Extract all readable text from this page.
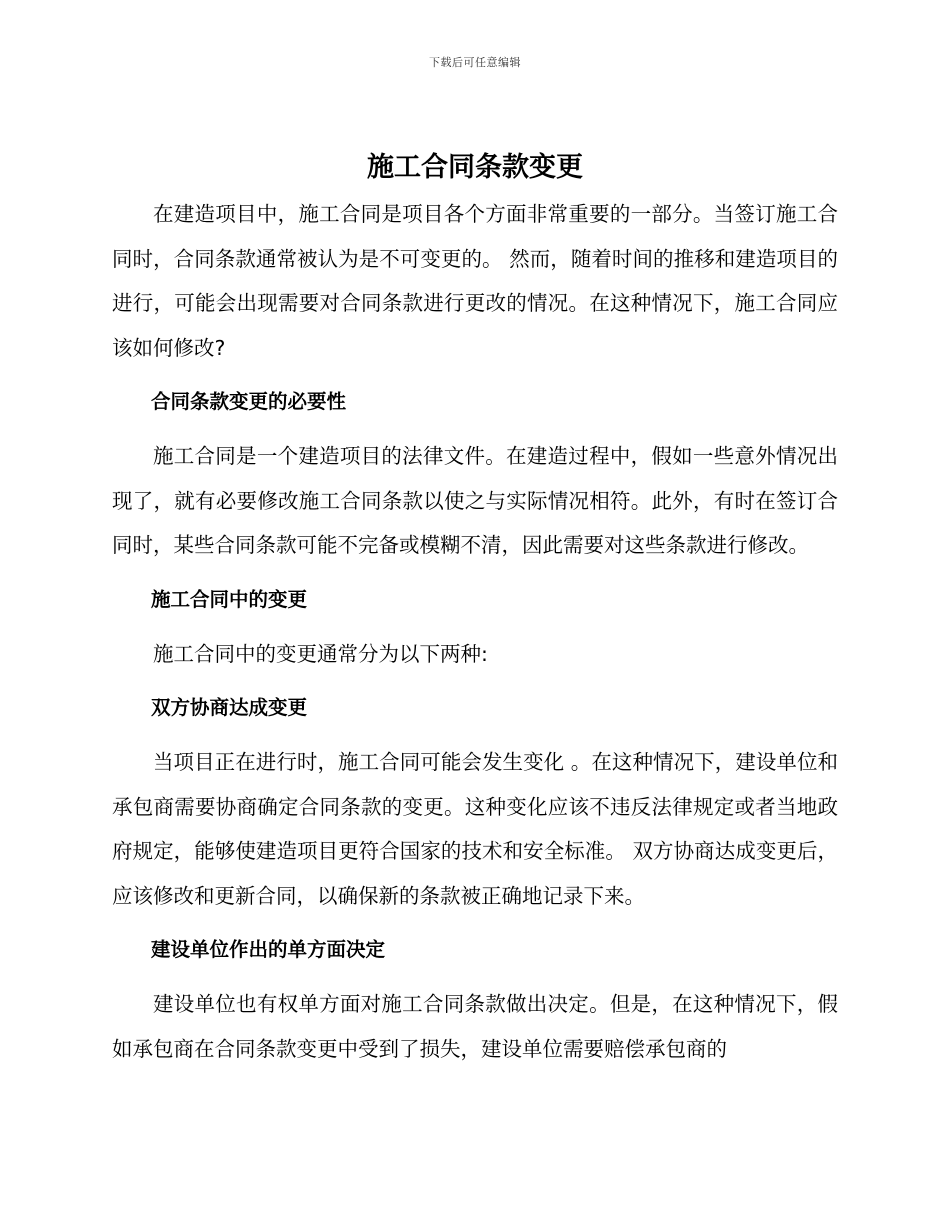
下载后可任意编辑
施工合同条款变更

在建造项目中，施工合同是项目各个方面非常重要的一部分。当签订施工合同时，合同条款通常被认为是不可变更的。 然而，随着时间的推移和建造项目的进行，可能会出现需要对合同条款进行更改的情况。在这种情况下，施工合同应该如何修改?

合同条款变更的必要性

施工合同是一个建造项目的法律文件。在建造过程中，假如一些意外情况出现了，就有必要修改施工合同条款以使之与实际情况相符。此外，有时在签订合同时，某些合同条款可能不完备或模糊不清，因此需要对这些条款进行修改。

施工合同中的变更

施工合同中的变更通常分为以下两种:

双方协商达成变更

当项目正在进行时，施工合同可能会发生变化 。在这种情况下，建设单位和承包商需要协商确定合同条款的变更。这种变化应该不违反法律规定或者当地政府规定，能够使建造项目更符合国家的技术和安全标准。 双方协商达成变更后，应该修改和更新合同，以确保新的条款被正确地记录下来。

建设单位作出的单方面决定

建设单位也有权单方面对施工合同条款做出决定。但是，在这种情况下，假如承包商在合同条款变更中受到了损失，建设单位需要赔偿承包商的
